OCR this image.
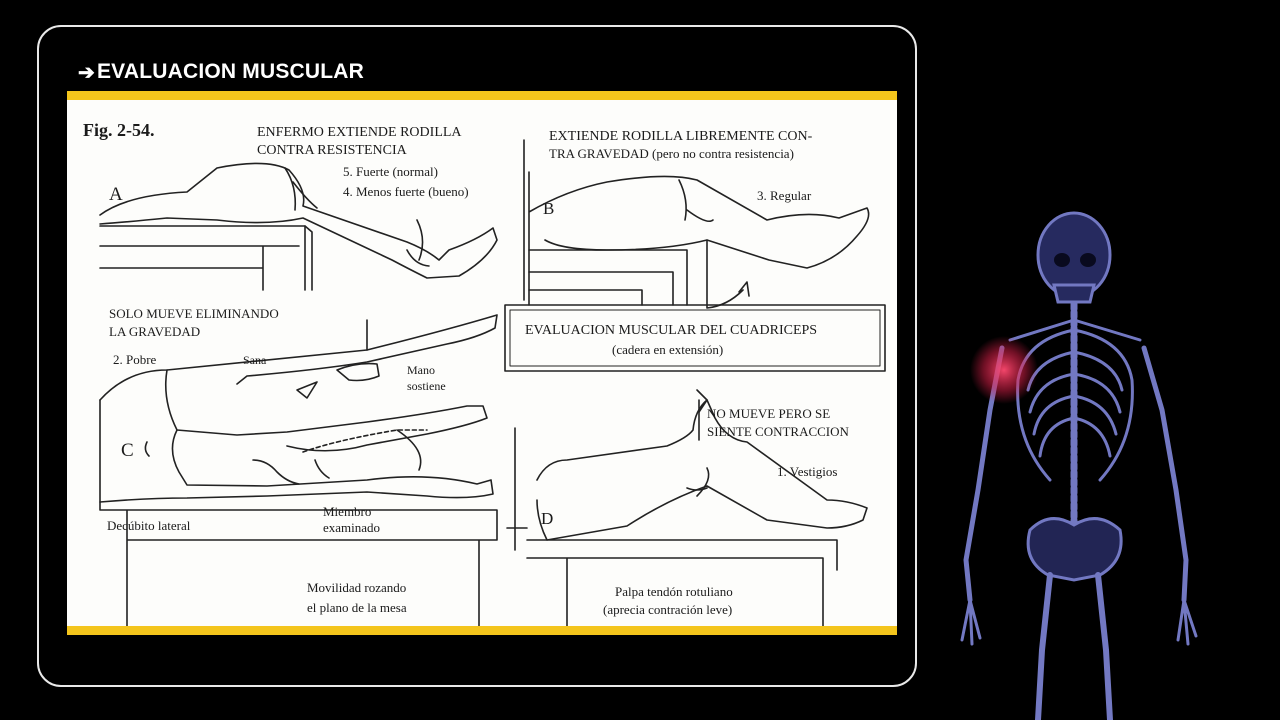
➔ EVALUACION MUSCULAR
Fig. 2-54.	ENFERMO EXTIENDE RODILLA
CONTRA RESISTENCIA
5. Fuerte (normal)
4. Menos fuerte (bueno)
A
EXTIENDE RODILLA LIBREMENTE CON-
TRA GRAVEDAD (pero no contra resistencia)
3. Regular
B
SOLO MUEVE ELIMINANDO
LA GRAVEDAD
2. Pobre	Sana
Mano
sostiene
C
Decúbito lateral
Miembro
examinado
Movilidad rozando
el plano de la mesa
EVALUACION MUSCULAR DEL CUADRICEPS
(cadera en extensión)
NO MUEVE PERO SE
SIENTE CONTRACCION
1. Vestigios
D
Palpa tendón rotuliano
(aprecia contración leve)
